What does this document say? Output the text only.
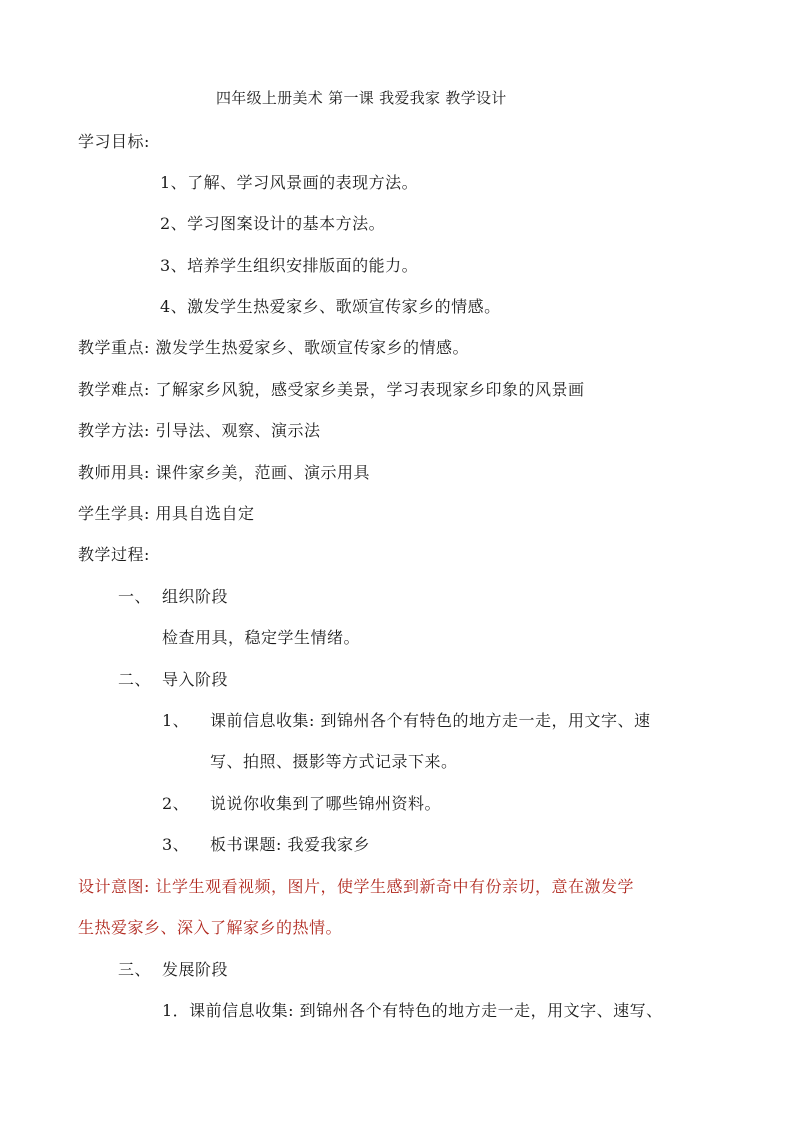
四年级上册美术 第一课 我爱我家 教学设计
学习目标:
1、了解、学习风景画的表现方法。
2、学习图案设计的基本方法。
3、培养学生组织安排版面的能力。
4、激发学生热爱家乡、歌颂宣传家乡的情感。
教学重点: 激发学生热爱家乡、歌颂宣传家乡的情感。
教学难点: 了解家乡风貌，感受家乡美景，学习表现家乡印象的风景画
教学方法: 引导法、观察、演示法
教师用具: 课件家乡美，范画、演示用具
学生学具: 用具自选自定
教学过程:
一、 组织阶段
检查用具，稳定学生情绪。
二、 导入阶段
1、 课前信息收集: 到锦州各个有特色的地方走一走，用文字、速
写、拍照、摄影等方式记录下来。
2、 说说你收集到了哪些锦州资料。
3、 板书课题: 我爱我家乡
设计意图: 让学生观看视频，图片，使学生感到新奇中有份亲切，意在激发学
生热爱家乡、深入了解家乡的热情。
三、 发展阶段
1．课前信息收集: 到锦州各个有特色的地方走一走，用文字、速写、
